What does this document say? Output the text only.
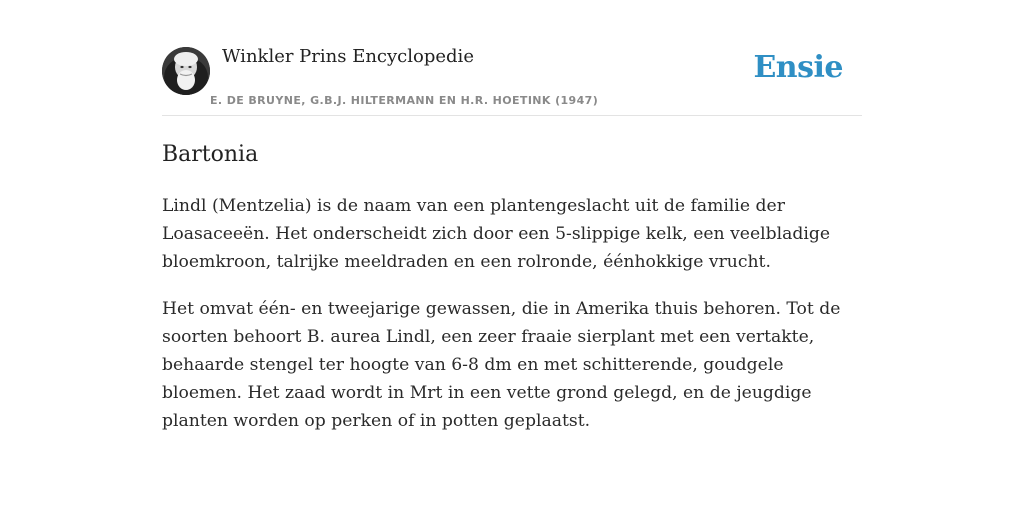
Winkler Prins Encyclopedie
E. DE BRUYNE, G.B.J. HILTERMANN EN H.R. HOETINK (1947)
Ensie
Bartonia

Lindl (Mentzelia) is de naam van een plantengeslacht uit de familie der Loasaceeën. Het onderscheidt zich door een 5-slippige kelk, een veelbladige bloemkroon, talrijke meeldraden en een rolronde, éénhokkige vrucht.

Het omvat één- en tweejarige gewassen, die in Amerika thuis behoren. Tot de soorten behoort B. aurea Lindl, een zeer fraaie sierplant met een vertakte, behaarde stengel ter hoogte van 6-8 dm en met schitterende, goudgele bloemen. Het zaad wordt in Mrt in een vette grond gelegd, en de jeugdige planten worden op perken of in potten geplaatst.
